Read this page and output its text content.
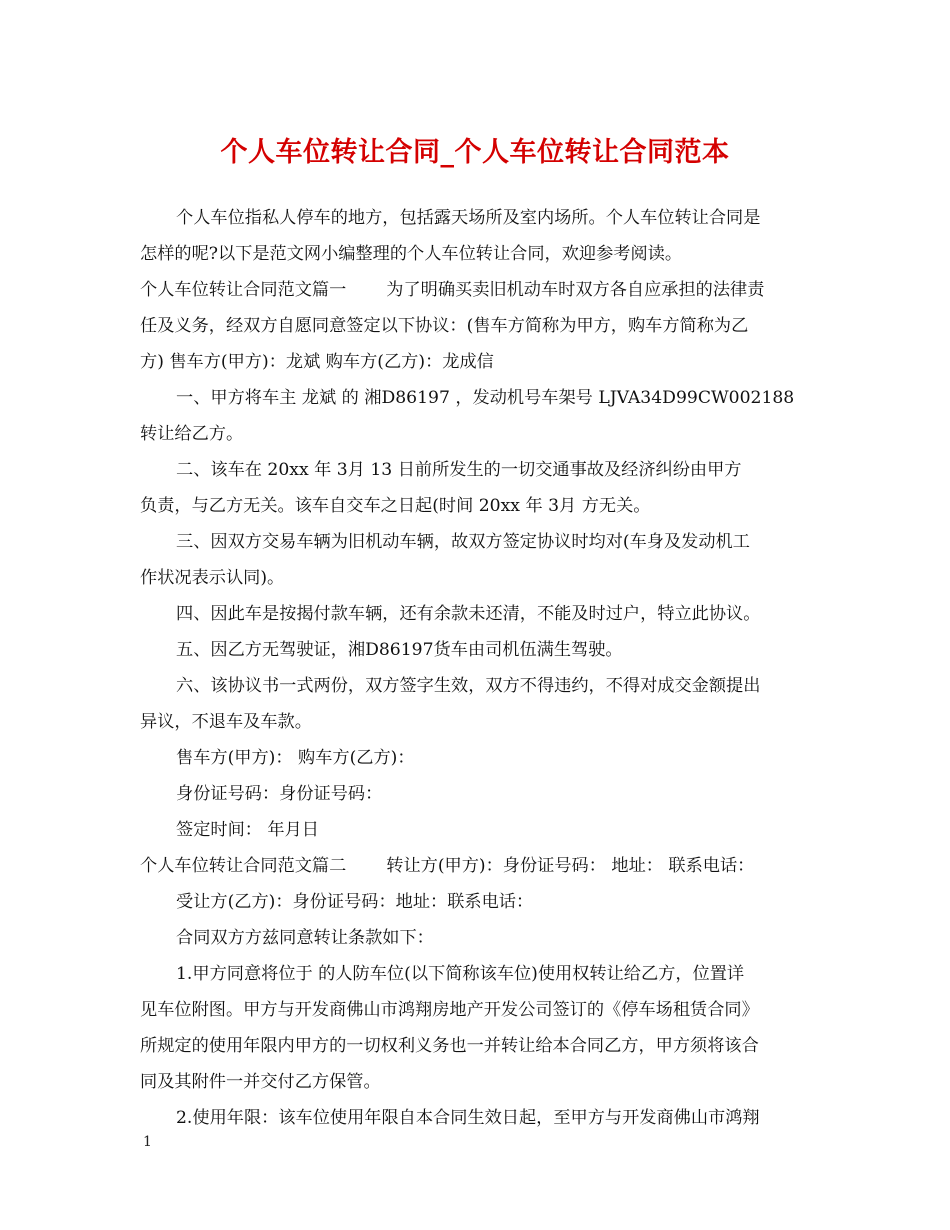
个人车位转让合同_个人车位转让合同范本
个人车位指私人停车的地方，包括露天场所及室内场所。个人车位转让合同是
怎样的呢?以下是范文网小编整理的个人车位转让合同，欢迎参考阅读。
个人车位转让合同范文篇一 为了明确买卖旧机动车时双方各自应承担的法律责
任及义务，经双方自愿同意签定以下协议：(售车方简称为甲方，购车方简称为乙
方) 售车方(甲方)：龙斌 购车方(乙方)：龙成信
一、甲方将车主 龙斌 的 湘D86197 ，发动机号车架号 LJVA34D99CW002188
转让给乙方。
二、该车在 20xx 年 3月 13 日前所发生的一切交通事故及经济纠纷由甲方
负责，与乙方无关。该车自交车之日起(时间 20xx 年 3月 方无关。
三、因双方交易车辆为旧机动车辆，故双方签定协议时均对(车身及发动机工
作状况表示认同)。
四、因此车是按揭付款车辆，还有余款未还清，不能及时过户，特立此协议。
五、因乙方无驾驶证，湘D86197货车由司机伍满生驾驶。
六、该协议书一式两份，双方签字生效，双方不得违约，不得对成交金额提出
异议，不退车及车款。
售车方(甲方)： 购车方(乙方)：
身份证号码：身份证号码：
签定时间： 年月日
个人车位转让合同范文篇二 转让方(甲方)：身份证号码： 地址： 联系电话：
受让方(乙方)：身份证号码：地址：联系电话：
合同双方方兹同意转让条款如下：
1.甲方同意将位于 的人防车位(以下简称该车位)使用权转让给乙方，位置详
见车位附图。甲方与开发商佛山市鸿翔房地产开发公司签订的《停车场租赁合同》
所规定的使用年限内甲方的一切权利义务也一并转让给本合同乙方，甲方须将该合
同及其附件一并交付乙方保管。
2.使用年限：该车位使用年限自本合同生效日起，至甲方与开发商佛山市鸿翔
1
